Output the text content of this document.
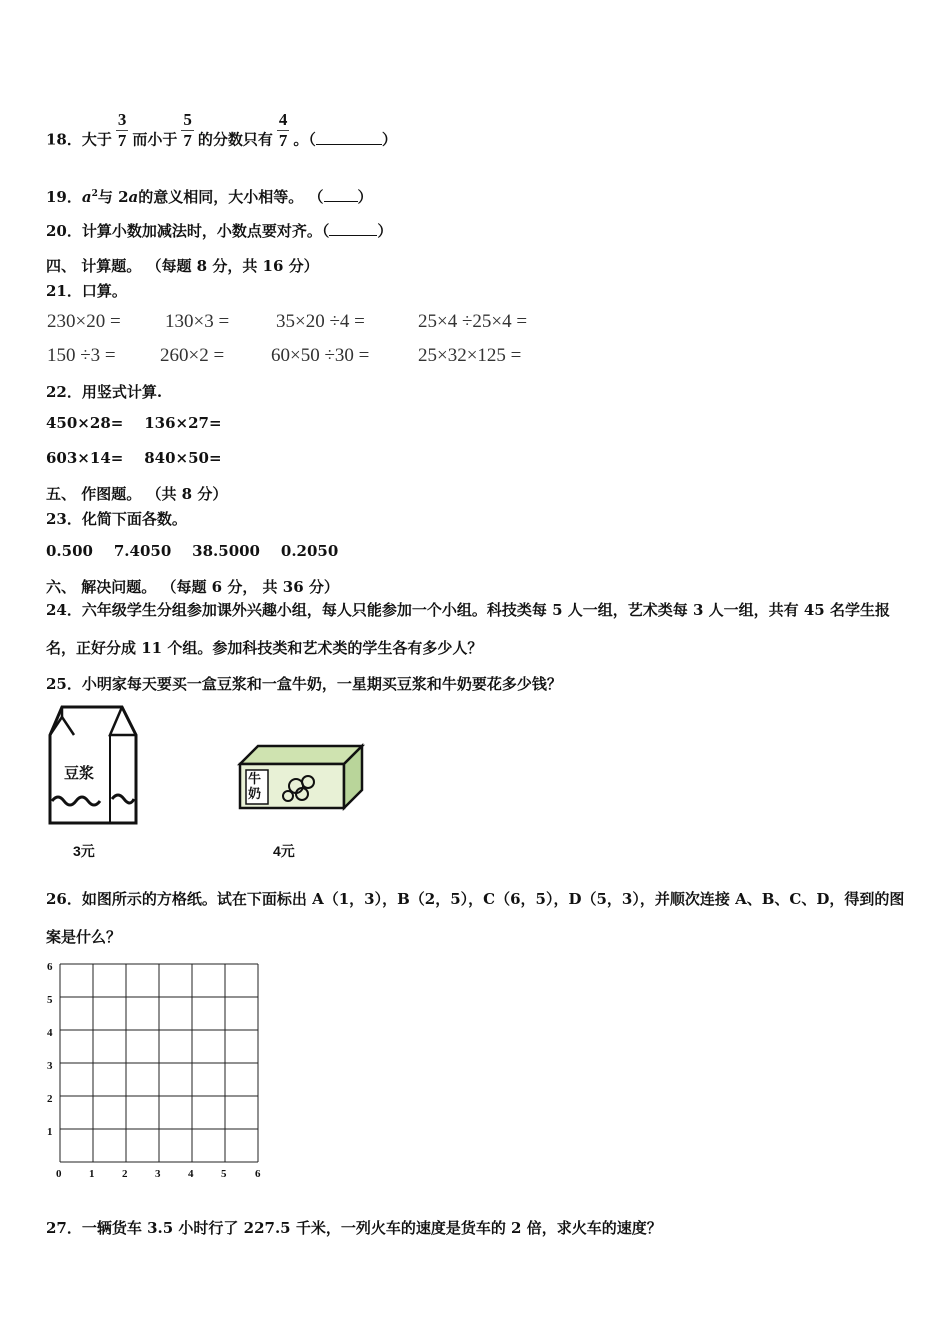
18．大于 $\frac{3}{7}$ 而小于 $\frac{5}{7}$ 的分数只有 $\frac{4}{7}$ 。（	）
19．$a^2$与 2a的意义相同，大小相等。 （ ）
20．计算小数加减法时，小数点要对齐。（	）
四、 计算题。 （每题 8 分，共 16 分）
21．口算。
230×20 = 130×3 = 35×20 ÷4 =	25×4 ÷25×4 =
150 ÷3 = 260×2 = 60×50 ÷30 =	25×32×125 =
22．用竖式计算.
450×28=    136×27=
603×14=    840×50=
五、 作图题。 （共 8 分）
23．化简下面各数。
0.500    7.4050    38.5000    0.2050
六、 解决问题。 （每题 6 分， 共 36 分）
24．六年级学生分组参加课外兴趣小组，每人只能参加一个小组。科技类每 5 人一组，艺术类每 3 人一组，共有 45 名学生报名，正好分成 11 个组。参加科技类和艺术类的学生各有多少人？
25．小明家每天要买一盒豆浆和一盒牛奶，一星期买豆浆和牛奶要花多少钱？
豆浆
3元
牛奶
4元
26．如图所示的方格纸。试在下面标出 A（1，3），B（2，5），C（6，5），D（5，3），并顺次连接 A、B、C、D，得到的图案是什么？
0	1	2	3	4	5	6
1
2
3
4
5
6
27．一辆货车 3.5 小时行了 227.5 千米，一列火车的速度是货车的 2 倍，求火车的速度？
